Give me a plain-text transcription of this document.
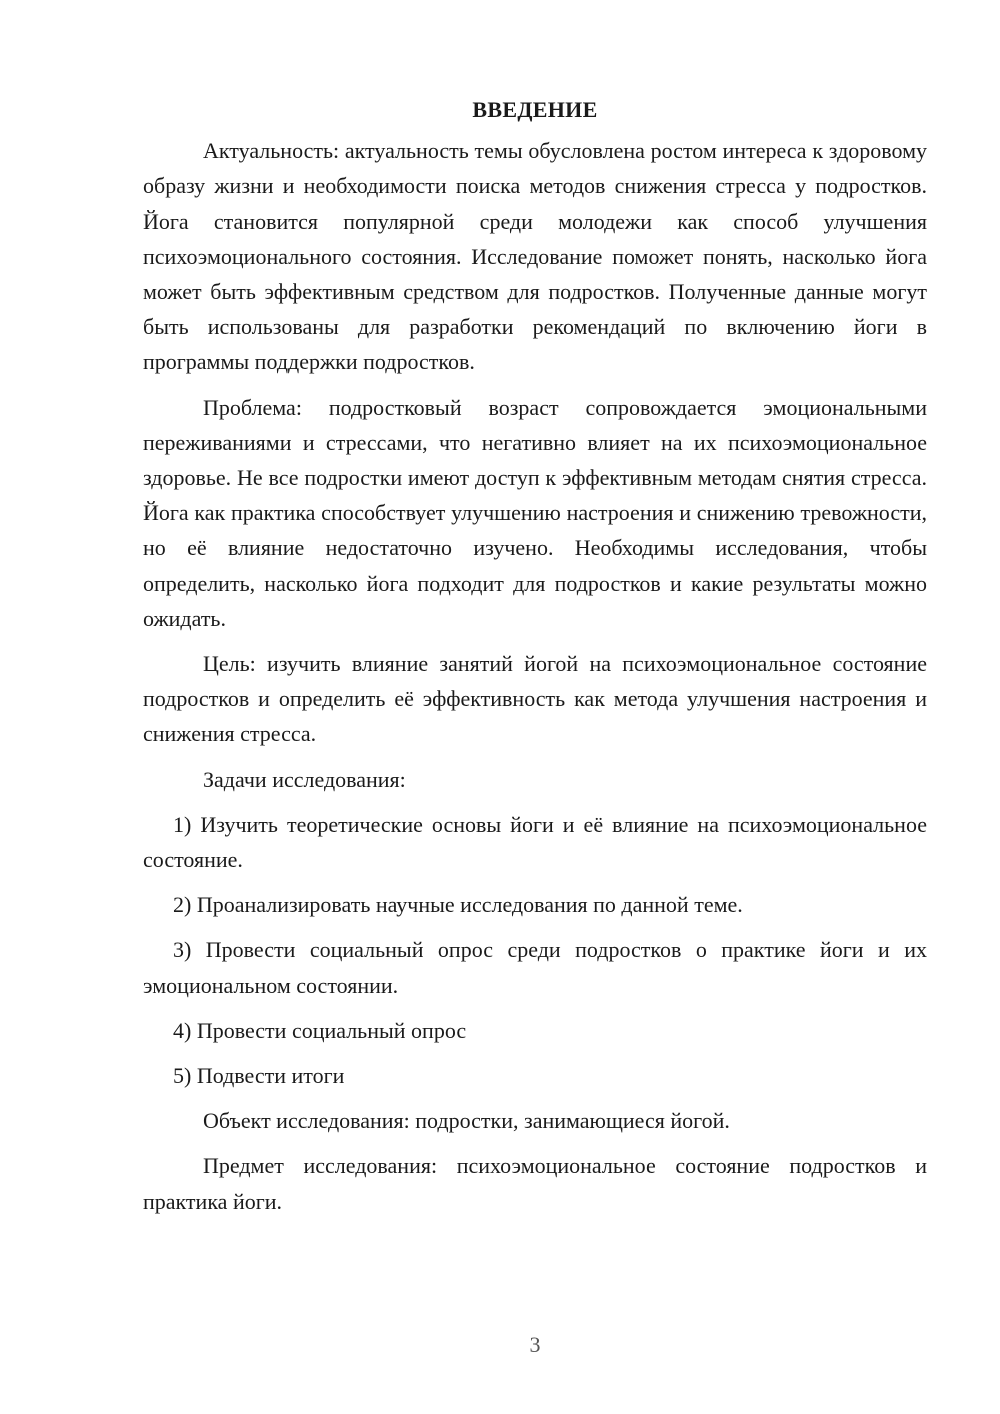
ВВЕДЕНИЕ

Актуальность: актуальность темы обусловлена ростом интереса к здоровому образу жизни и необходимости поиска методов снижения стресса у подростков. Йога становится популярной среди молодежи как способ улучшения психоэмоционального состояния. Исследование поможет понять, насколько йога может быть эффективным средством для подростков. Полученные данные могут быть использованы для разработки рекомендаций по включению йоги в программы поддержки подростков.

Проблема: подростковый возраст сопровождается эмоциональными переживаниями и стрессами, что негативно влияет на их психоэмоциональное здоровье. Не все подростки имеют доступ к эффективным методам снятия стресса. Йога как практика способствует улучшению настроения и снижению тревожности, но её влияние недостаточно изучено. Необходимы исследования, чтобы определить, насколько йога подходит для подростков и какие результаты можно ожидать.

Цель: изучить влияние занятий йогой на психоэмоциональное состояние подростков и определить её эффективность как метода улучшения настроения и снижения стресса.

Задачи исследования:

1) Изучить теоретические основы йоги и её влияние на психоэмоциональное состояние.

2) Проанализировать научные исследования по данной теме.

3) Провести социальный опрос среди подростков о практике йоги и их эмоциональном состоянии.

4) Провести социальный опрос

5) Подвести итоги

Объект исследования: подростки, занимающиеся йогой.

Предмет исследования: психоэмоциональное состояние подростков и практика йоги.

3
